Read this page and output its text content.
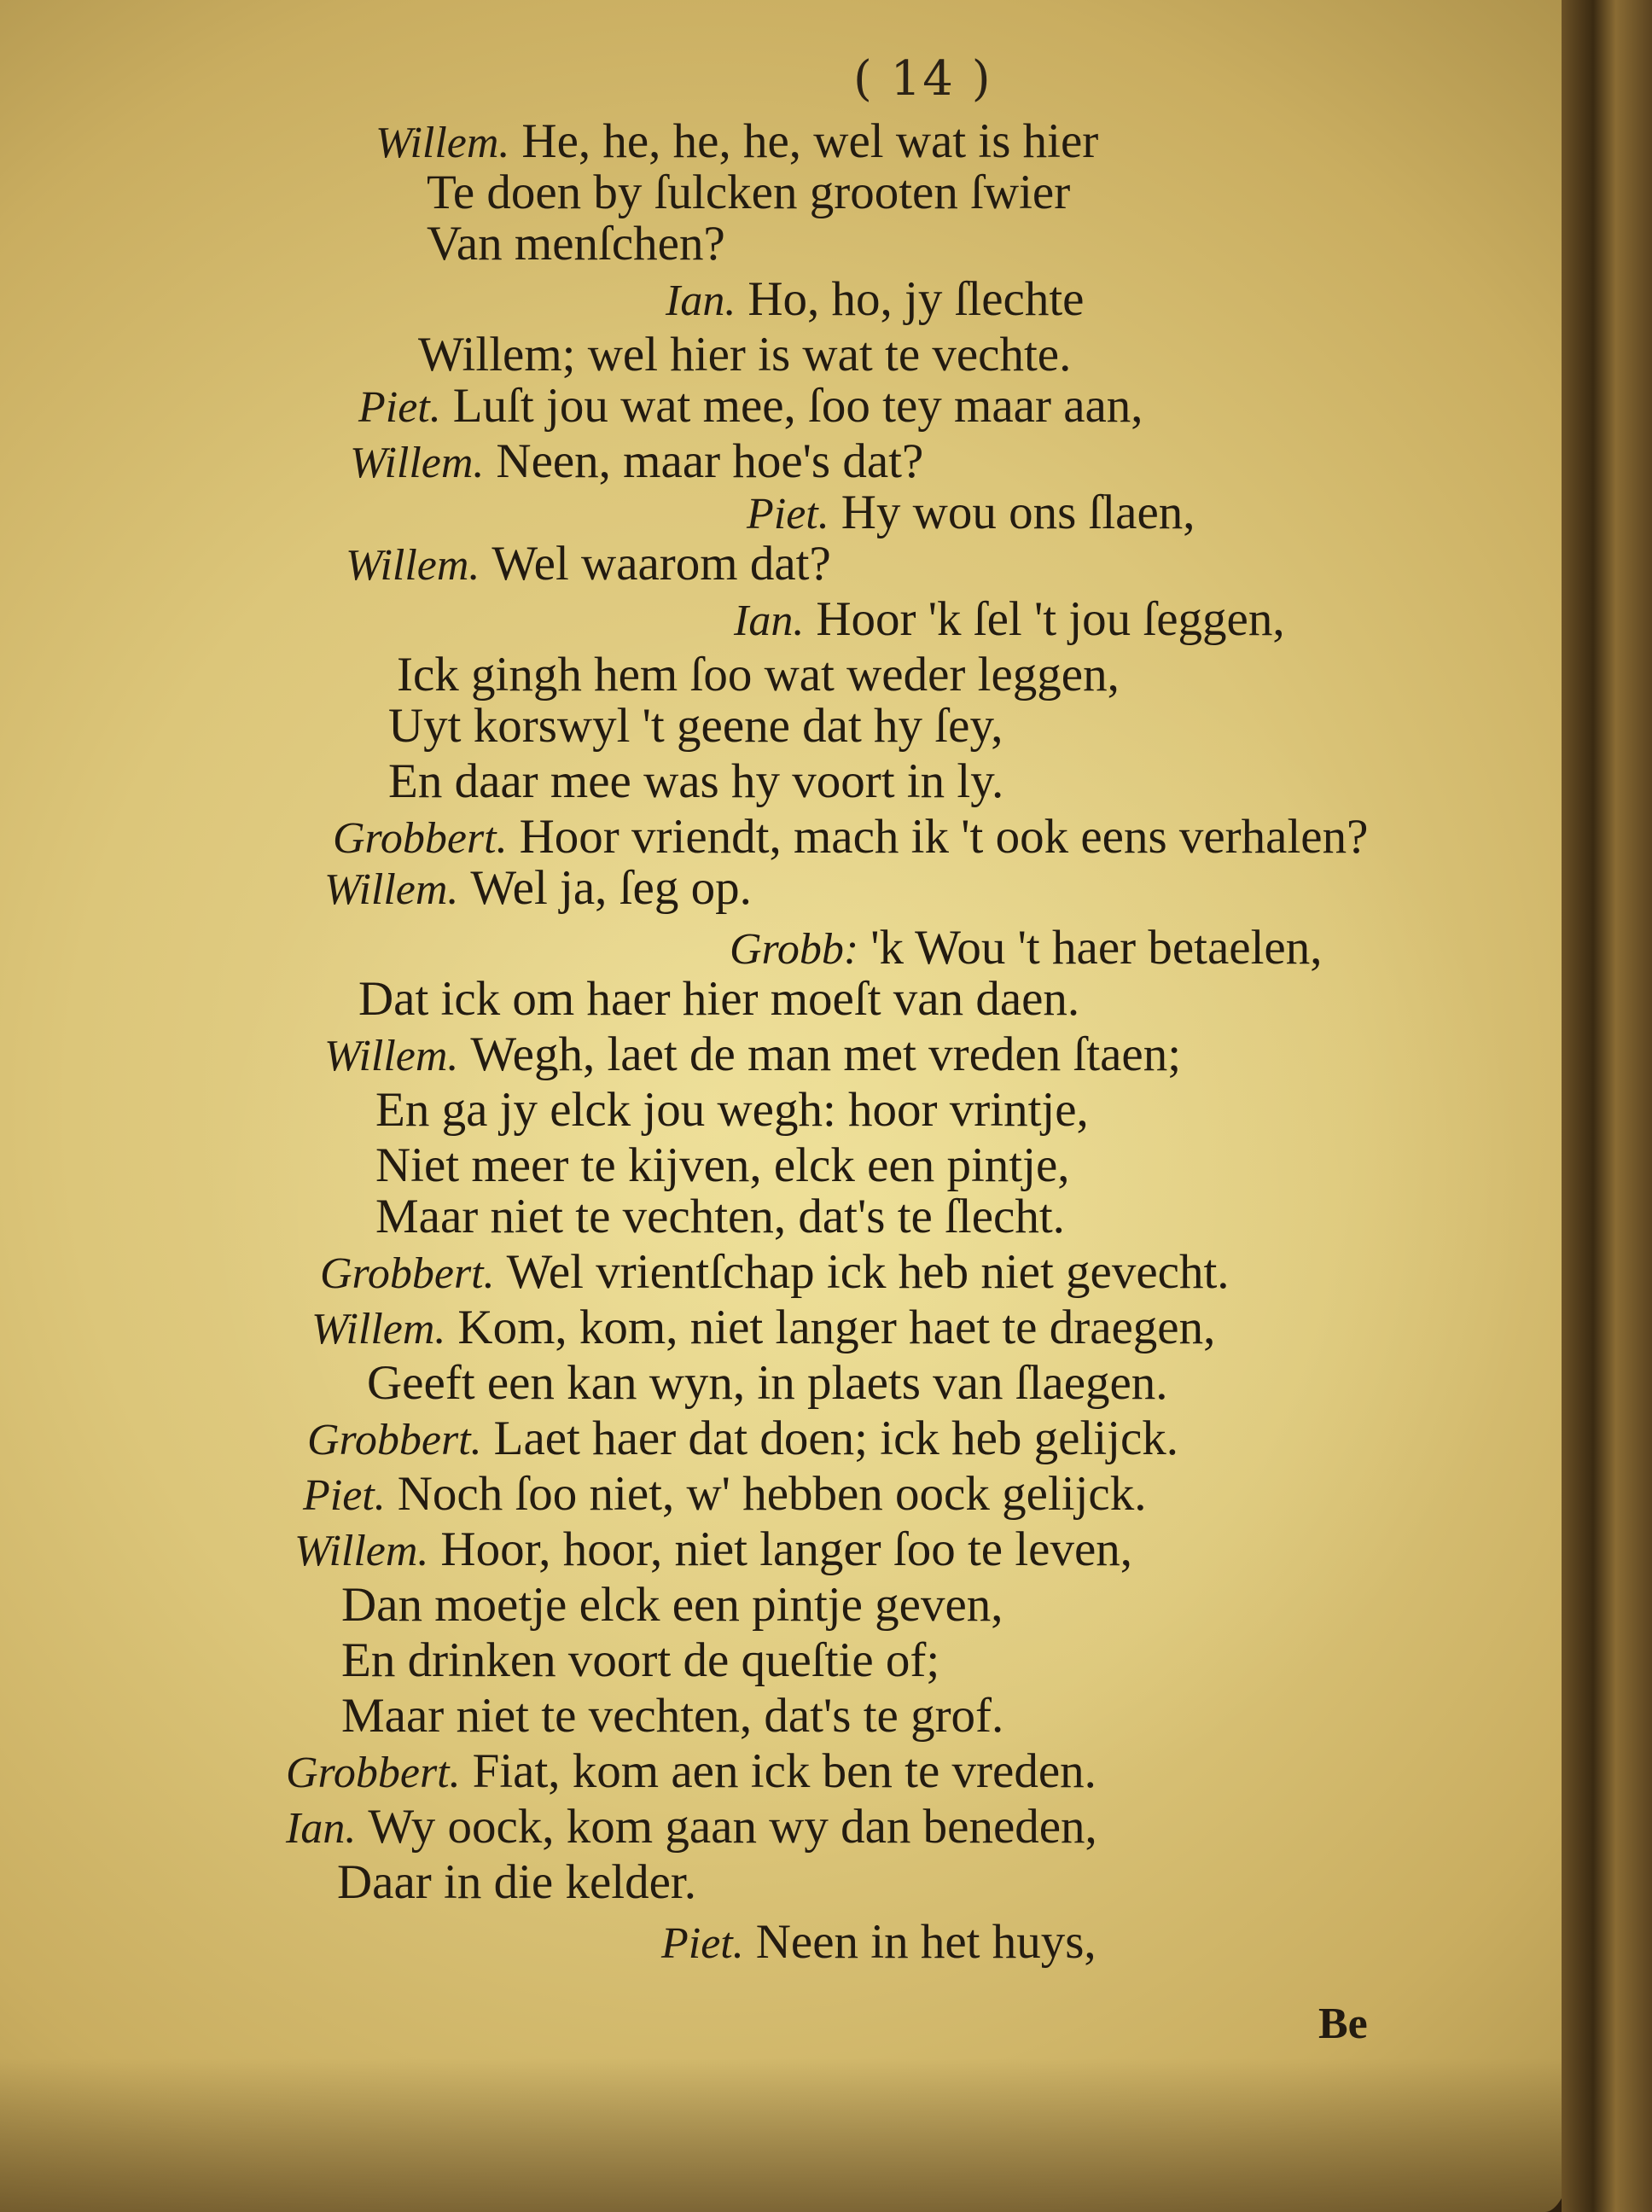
( 14 )
Willem. He, he, he, he, wel wat is hier
Te doen by ſulcken grooten ſwier
Van menſchen?
Ian. Ho, ho, jy ſlechte
Willem; wel hier is wat te vechte.
Piet. Luſt jou wat mee, ſoo tey maar aan,
Willem. Neen, maar hoe's dat?
Piet. Hy wou ons ſlaen,
Willem. Wel waarom dat?
Ian. Hoor 'k ſel 't jou ſeggen,
Ick gingh hem ſoo wat weder leggen,
Uyt korswyl 't geene dat hy ſey,
En daar mee was hy voort in ly.
Grobbert. Hoor vriendt, mach ik 't ook eens verhalen?
Willem. Wel ja, ſeg op.
Grobb: 'k Wou 't haer betaelen,
Dat ick om haer hier moeſt van daen.
Willem. Wegh, laet de man met vreden ſtaen;
En ga jy elck jou wegh: hoor vrintje,
Niet meer te kijven, elck een pintje,
Maar niet te vechten, dat's te ſlecht.
Grobbert. Wel vrientſchap ick heb niet gevecht.
Willem. Kom, kom, niet langer haet te draegen,
Geeft een kan wyn, in plaets van ſlaegen.
Grobbert. Laet haer dat doen; ick heb gelijck.
Piet. Noch ſoo niet, w' hebben oock gelijck.
Willem. Hoor, hoor, niet langer ſoo te leven,
Dan moetje elck een pintje geven,
En drinken voort de queſtie of;
Maar niet te vechten, dat's te grof.
Grobbert. Fiat, kom aen ick ben te vreden.
Ian. Wy oock, kom gaan wy dan beneden,
Daar in die kelder.
Piet. Neen in het huys,
Be
